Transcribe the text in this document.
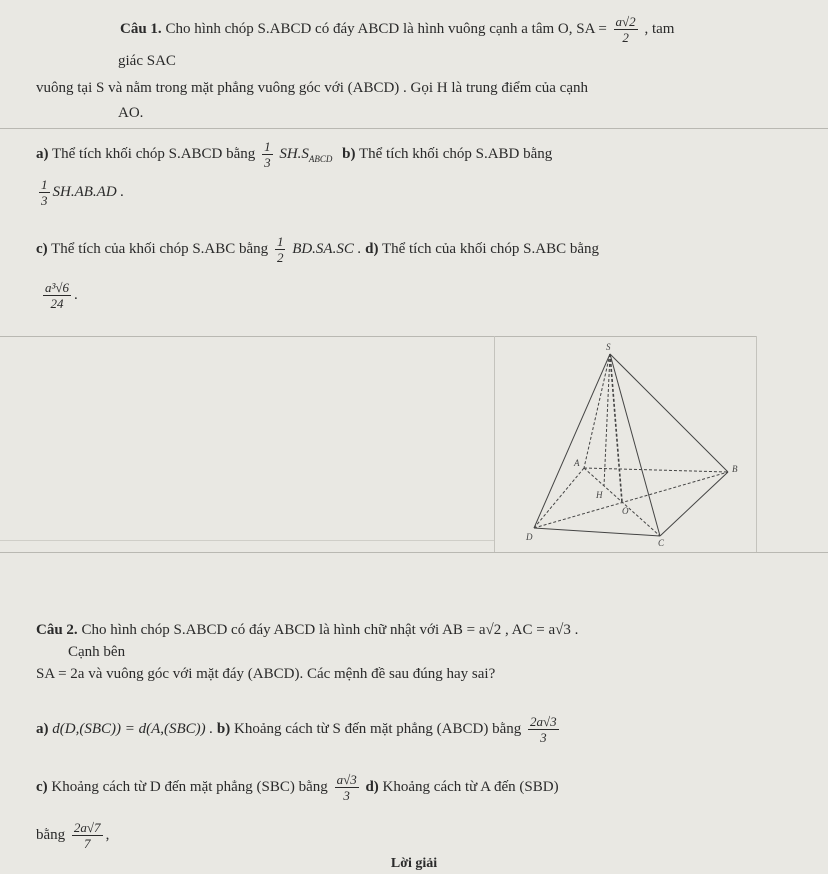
Câu 1. Cho hình chóp S.ABCD có đáy ABCD là hình vuông cạnh a tâm O, SA = $\frac{a√2}{2}$ , tam
giác SAC
vuông tại S và nằm trong mặt phẳng vuông góc với (ABCD) . Gọi H là trung điểm của cạnh
AO.
a) Thể tích khối chóp S.ABCD bằng $\frac{1}{3} SH.S_{ABCD}$ b) Thể tích khối chóp S.ABD bằng
$\frac{1}{3} SH.AB.AD$ .
c) Thể tích của khối chóp S.ABC bằng $\frac{1}{2} BD.SA.SC$ . d) Thể tích của khối chóp S.ABC bằng
$\frac{\text{a³√6}}{24}$ .
S
A
B
C
D
O
H
Câu 2. Cho hình chóp S.ABCD có đáy ABCD là hình chữ nhật với AB = a√2 , AC = a√3 .
Cạnh bên
SA = 2a và vuông góc với mặt đáy (ABCD). Các mệnh đề sau đúng hay sai?
a) d(D,(SBC)) = d(A,(SBC)) . b) Khoảng cách từ S đến mặt phẳng (ABCD) bằng $\frac{2a√3}{3}$
c) Khoảng cách từ D đến mặt phẳng (SBC) bằng $\frac{a√3}{3} d$) Khoảng cách từ A đến (SBD)
bằng $\frac{2a√7}{7}$ ,
Lời giải
